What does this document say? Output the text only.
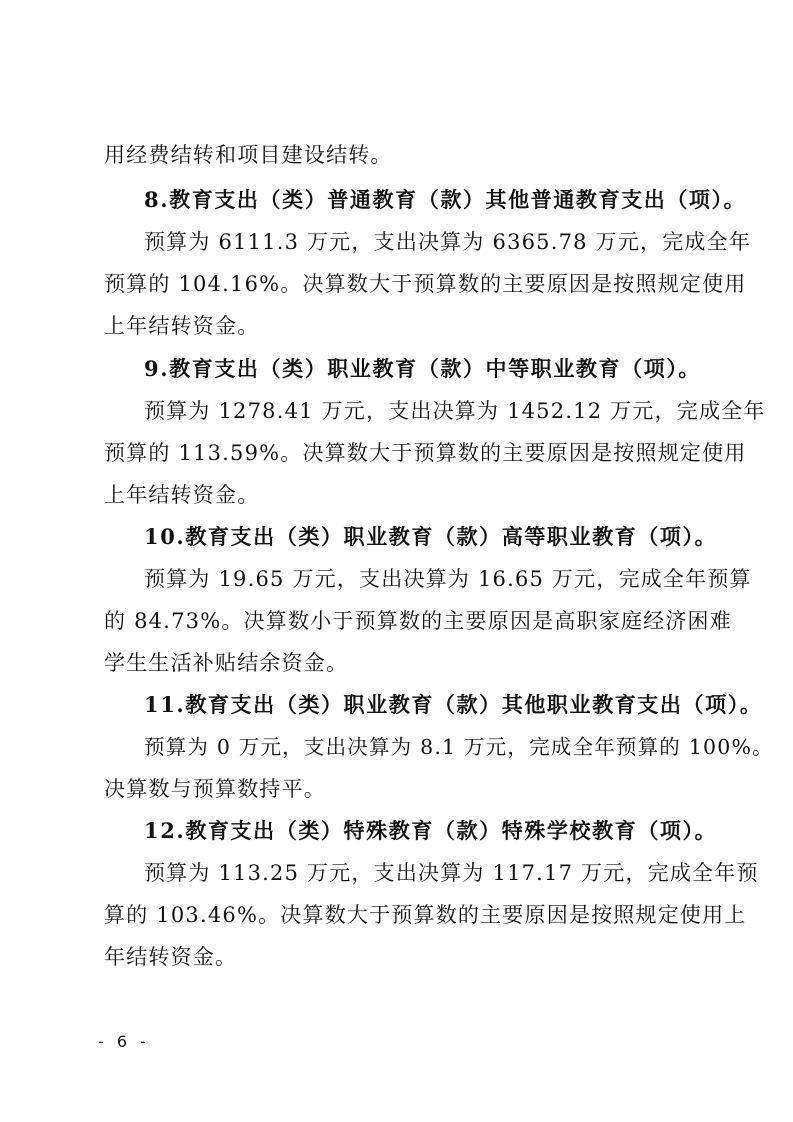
用经费结转和项目建设结转。
8.教育支出（类）普通教育（款）其他普通教育支出（项）。
预算为 6111.3 万元，支出决算为 6365.78 万元，完成全年
预算的 104.16%。决算数大于预算数的主要原因是按照规定使用
上年结转资金。
9.教育支出（类）职业教育（款）中等职业教育（项）。
预算为 1278.41 万元，支出决算为 1452.12 万元，完成全年
预算的 113.59%。决算数大于预算数的主要原因是按照规定使用
上年结转资金。
10.教育支出（类）职业教育（款）高等职业教育（项）。
预算为 19.65 万元，支出决算为 16.65 万元，完成全年预算
的 84.73%。决算数小于预算数的主要原因是高职家庭经济困难
学生生活补贴结余资金。
11.教育支出（类）职业教育（款）其他职业教育支出（项）。
预算为 0 万元，支出决算为 8.1 万元，完成全年预算的 100%。
决算数与预算数持平。
12.教育支出（类）特殊教育（款）特殊学校教育（项）。
预算为 113.25 万元，支出决算为 117.17 万元，完成全年预
算的 103.46%。决算数大于预算数的主要原因是按照规定使用上
年结转资金。
- 6 -
